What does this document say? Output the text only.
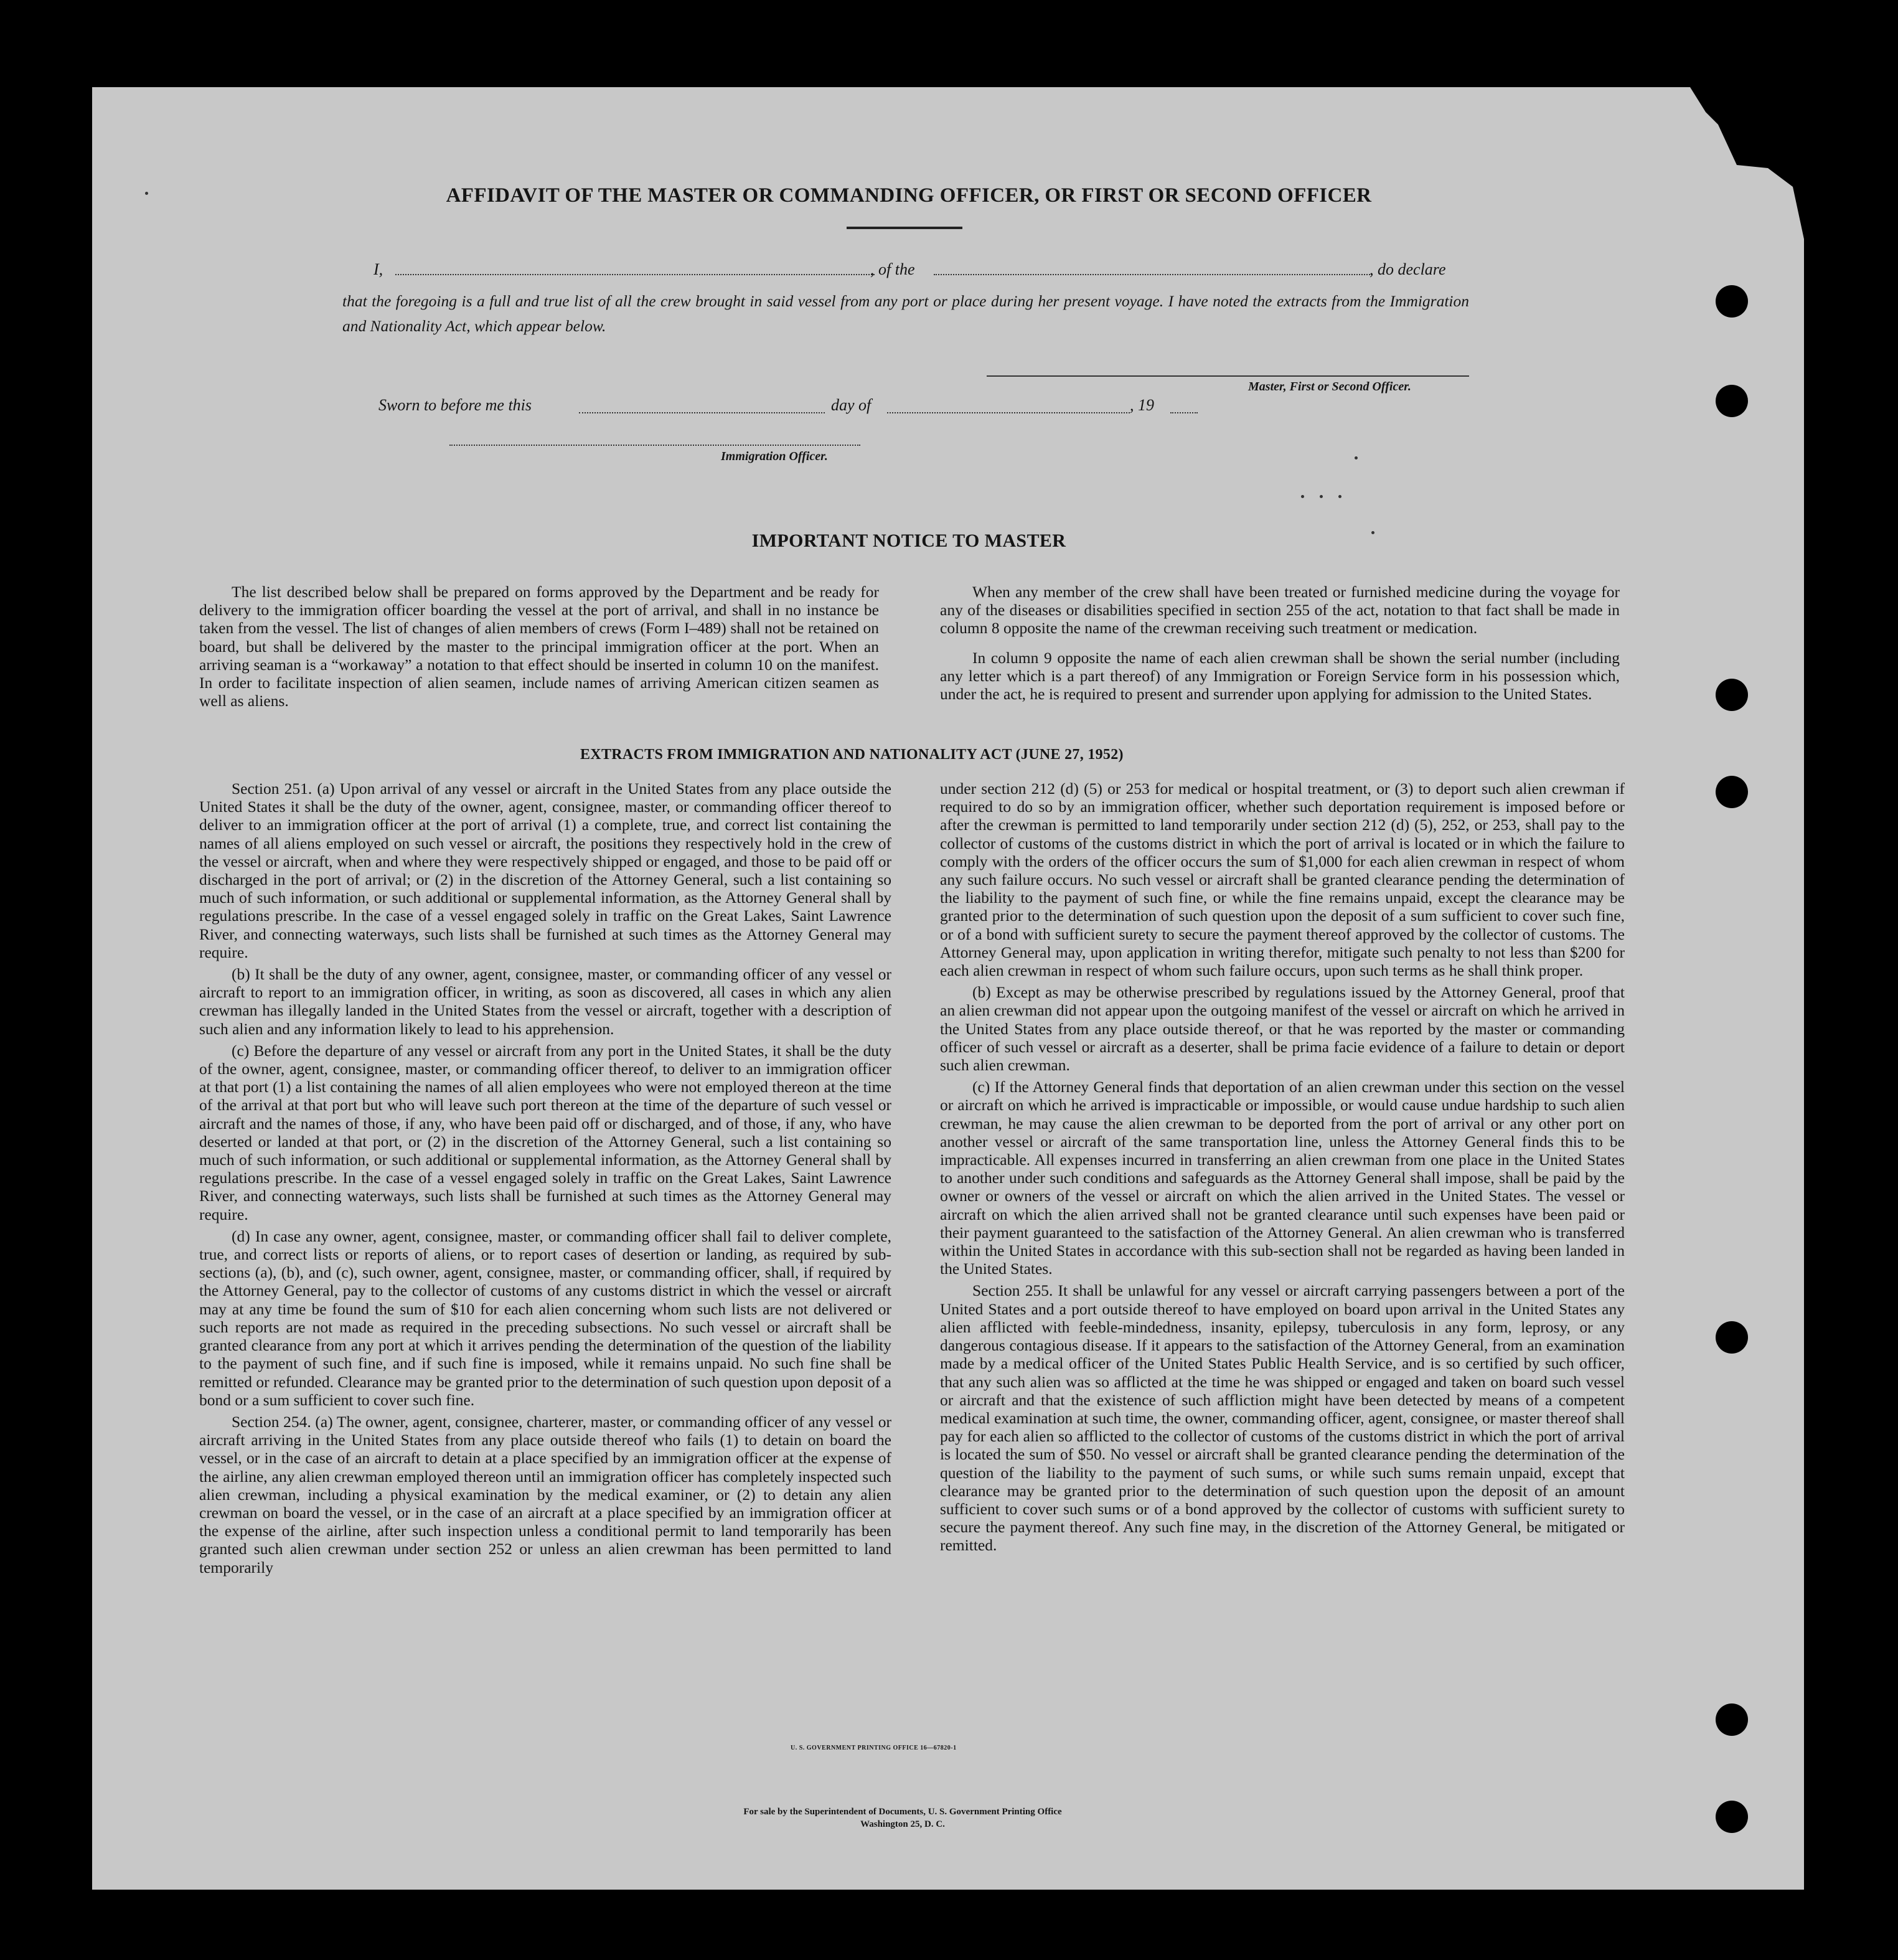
AFFIDAVIT OF THE MASTER OR COMMANDING OFFICER, OR FIRST OR SECOND OFFICER
I,	, of the	, do declare

that the foregoing is a full and true list of all the crew brought in said vessel from any port or place during her present voyage. I have noted the extracts from the Immigration and Nationality Act, which appear below.

Master, First or Second Officer.
Sworn to before me this	day of	, 19
Immigration Officer.
IMPORTANT NOTICE TO MASTER

The list described below shall be prepared on forms approved by the Department and be ready for delivery to the immigration officer boarding the vessel at the port of arrival, and shall in no instance be taken from the vessel. The list of changes of alien members of crews (Form I–489) shall not be retained on board, but shall be delivered by the master to the principal immigration officer at the port. When an arriving seaman is a “workaway” a notation to that effect should be inserted in column 10 on the manifest. In order to facilitate inspection of alien seamen, include names of arriving American citizen seamen as well as aliens.

When any member of the crew shall have been treated or furnished medicine during the voyage for any of the diseases or disabilities specified in section 255 of the act, notation to that fact shall be made in column 8 opposite the name of the crewman receiving such treatment or medication.

In column 9 opposite the name of each alien crewman shall be shown the serial number (including any letter which is a part thereof) of any Immigration or Foreign Service form in his possession which, under the act, he is required to present and surrender upon applying for admission to the United States.

EXTRACTS FROM IMMIGRATION AND NATIONALITY ACT (JUNE 27, 1952)

Section 251. (a) Upon arrival of any vessel or aircraft in the United States from any place outside the United States it shall be the duty of the owner, agent, consignee, master, or commanding officer thereof to deliver to an immigration officer at the port of arrival (1) a complete, true, and correct list containing the names of all aliens employed on such vessel or aircraft, the positions they respectively hold in the crew of the vessel or aircraft, when and where they were respectively shipped or engaged, and those to be paid off or discharged in the port of arrival; or (2) in the discretion of the Attorney General, such a list containing so much of such information, or such additional or supplemental information, as the Attorney General shall by regulations prescribe. In the case of a vessel engaged solely in traffic on the Great Lakes, Saint Lawrence River, and connecting waterways, such lists shall be furnished at such times as the Attorney General may require.

(b) It shall be the duty of any owner, agent, consignee, master, or commanding officer of any vessel or aircraft to report to an immigration officer, in writing, as soon as discovered, all cases in which any alien crewman has illegally landed in the United States from the vessel or aircraft, together with a description of such alien and any information likely to lead to his apprehension.

(c) Before the departure of any vessel or aircraft from any port in the United States, it shall be the duty of the owner, agent, consignee, master, or commanding officer thereof, to deliver to an immigration officer at that port (1) a list containing the names of all alien employees who were not employed thereon at the time of the arrival at that port but who will leave such port thereon at the time of the departure of such vessel or aircraft and the names of those, if any, who have been paid off or discharged, and of those, if any, who have deserted or landed at that port, or (2) in the discretion of the Attorney General, such a list containing so much of such information, or such additional or supplemental information, as the Attorney General shall by regulations prescribe. In the case of a vessel engaged solely in traffic on the Great Lakes, Saint Lawrence River, and connecting waterways, such lists shall be furnished at such times as the Attorney General may require.

(d) In case any owner, agent, consignee, master, or commanding officer shall fail to deliver complete, true, and correct lists or reports of aliens, or to report cases of desertion or landing, as required by sub-sections (a), (b), and (c), such owner, agent, consignee, master, or commanding officer, shall, if required by the Attorney General, pay to the collector of customs of any customs district in which the vessel or aircraft may at any time be found the sum of $10 for each alien concerning whom such lists are not delivered or such reports are not made as required in the preceding subsections. No such vessel or aircraft shall be granted clearance from any port at which it arrives pending the determination of the question of the liability to the payment of such fine, and if such fine is imposed, while it remains unpaid. No such fine shall be remitted or refunded. Clearance may be granted prior to the determination of such question upon deposit of a bond or a sum sufficient to cover such fine.

Section 254. (a) The owner, agent, consignee, charterer, master, or commanding officer of any vessel or aircraft arriving in the United States from any place outside thereof who fails (1) to detain on board the vessel, or in the case of an aircraft to detain at a place specified by an immigration officer at the expense of the airline, any alien crewman employed thereon until an immigration officer has completely inspected such alien crewman, including a physical examination by the medical examiner, or (2) to detain any alien crewman on board the vessel, or in the case of an aircraft at a place specified by an immigration officer at the expense of the airline, after such inspection unless a conditional permit to land temporarily has been granted such alien crewman under section 252 or unless an alien crewman has been permitted to land temporarily

under section 212 (d) (5) or 253 for medical or hospital treatment, or (3) to deport such alien crewman if required to do so by an immigration officer, whether such deportation requirement is imposed before or after the crewman is permitted to land temporarily under section 212 (d) (5), 252, or 253, shall pay to the collector of customs of the customs district in which the port of arrival is located or in which the failure to comply with the orders of the officer occurs the sum of $1,000 for each alien crewman in respect of whom any such failure occurs. No such vessel or aircraft shall be granted clearance pending the determination of the liability to the payment of such fine, or while the fine remains unpaid, except the clearance may be granted prior to the determination of such question upon the deposit of a sum sufficient to cover such fine, or of a bond with sufficient surety to secure the payment thereof approved by the collector of customs. The Attorney General may, upon application in writing therefor, mitigate such penalty to not less than $200 for each alien crewman in respect of whom such failure occurs, upon such terms as he shall think proper.

(b) Except as may be otherwise prescribed by regulations issued by the Attorney General, proof that an alien crewman did not appear upon the outgoing manifest of the vessel or aircraft on which he arrived in the United States from any place outside thereof, or that he was reported by the master or commanding officer of such vessel or aircraft as a deserter, shall be prima facie evidence of a failure to detain or deport such alien crewman.

(c) If the Attorney General finds that deportation of an alien crewman under this section on the vessel or aircraft on which he arrived is impracticable or impossible, or would cause undue hardship to such alien crewman, he may cause the alien crewman to be deported from the port of arrival or any other port on another vessel or aircraft of the same transportation line, unless the Attorney General finds this to be impracticable. All expenses incurred in transferring an alien crewman from one place in the United States to another under such conditions and safeguards as the Attorney General shall impose, shall be paid by the owner or owners of the vessel or aircraft on which the alien arrived in the United States. The vessel or aircraft on which the alien arrived shall not be granted clearance until such expenses have been paid or their payment guaranteed to the satisfaction of the Attorney General. An alien crewman who is transferred within the United States in accordance with this sub-section shall not be regarded as having been landed in the United States.

Section 255. It shall be unlawful for any vessel or aircraft carrying passengers between a port of the United States and a port outside thereof to have employed on board upon arrival in the United States any alien afflicted with feeble-mindedness, insanity, epilepsy, tuberculosis in any form, leprosy, or any dangerous contagious disease. If it appears to the satisfaction of the Attorney General, from an examination made by a medical officer of the United States Public Health Service, and is so certified by such officer, that any such alien was so afflicted at the time he was shipped or engaged and taken on board such vessel or aircraft and that the existence of such affliction might have been detected by means of a competent medical examination at such time, the owner, commanding officer, agent, consignee, or master thereof shall pay for each alien so afflicted to the collector of customs of the customs district in which the port of arrival is located the sum of $50. No vessel or aircraft shall be granted clearance pending the determination of the question of the liability to the payment of such sums, or while such sums remain unpaid, except that clearance may be granted prior to the determination of such question upon the deposit of an amount sufficient to cover such sums or of a bond approved by the collector of customs with sufficient surety to secure the payment thereof. Any such fine may, in the discretion of the Attorney General, be mitigated or remitted.

U. S. GOVERNMENT PRINTING OFFICE 16—67820-1
For sale by the Superintendent of Documents, U. S. Government Printing Office
Washington 25, D. C.
